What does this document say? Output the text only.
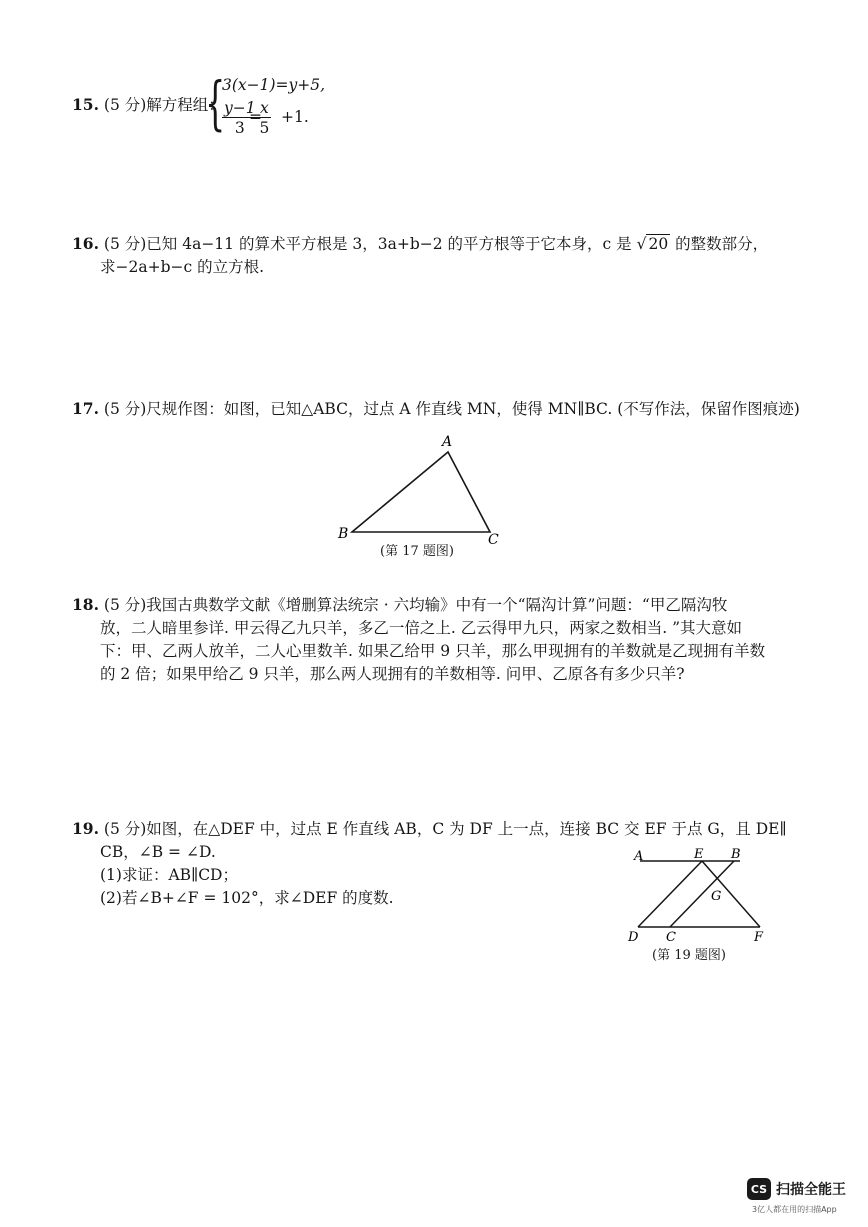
15. (5 分)解方程组：
{
3(x−1)=y+5,
$\frac{y-1}{3}$
=
$\frac{x}{5} +1$.
16. (5 分)已知 4a−11 的算术平方根是 3，3a+b−2 的平方根等于它本身，c 是 √ 20 的整数部分，
求−2a+b−c 的立方根.
17. (5 分)尺规作图：如图，已知△ABC，过点 A 作直线 MN，使得 MN∥BC. (不写作法，保留作图痕迹)
A
B	C
(第 17 题图)
18. (5 分)我国古典数学文献《增删算法统宗 · 六均输》中有一个“隔沟计算”问题：“甲乙隔沟牧
放，二人暗里参详. 甲云得乙九只羊，多乙一倍之上. 乙云得甲九只，两家之数相当. ”其大意如
下：甲、乙两人放羊，二人心里数羊. 如果乙给甲 9 只羊，那么甲现拥有的羊数就是乙现拥有羊数
的 2 倍；如果甲给乙 9 只羊，那么两人现拥有的羊数相等. 问甲、乙原各有多少只羊?
19. (5 分)如图，在△DEF 中，过点 E 作直线 AB，C 为 DF 上一点，连接 BC 交 EF 于点 G，且 DE∥
CB，∠B = ∠D.
(1)求证：AB∥CD；
(2)若∠B+∠F = 102°，求∠DEF 的度数.
A	E B
G
D C	F
(第 19 题图)
CS 扫描全能王
3亿人都在用的扫描App
